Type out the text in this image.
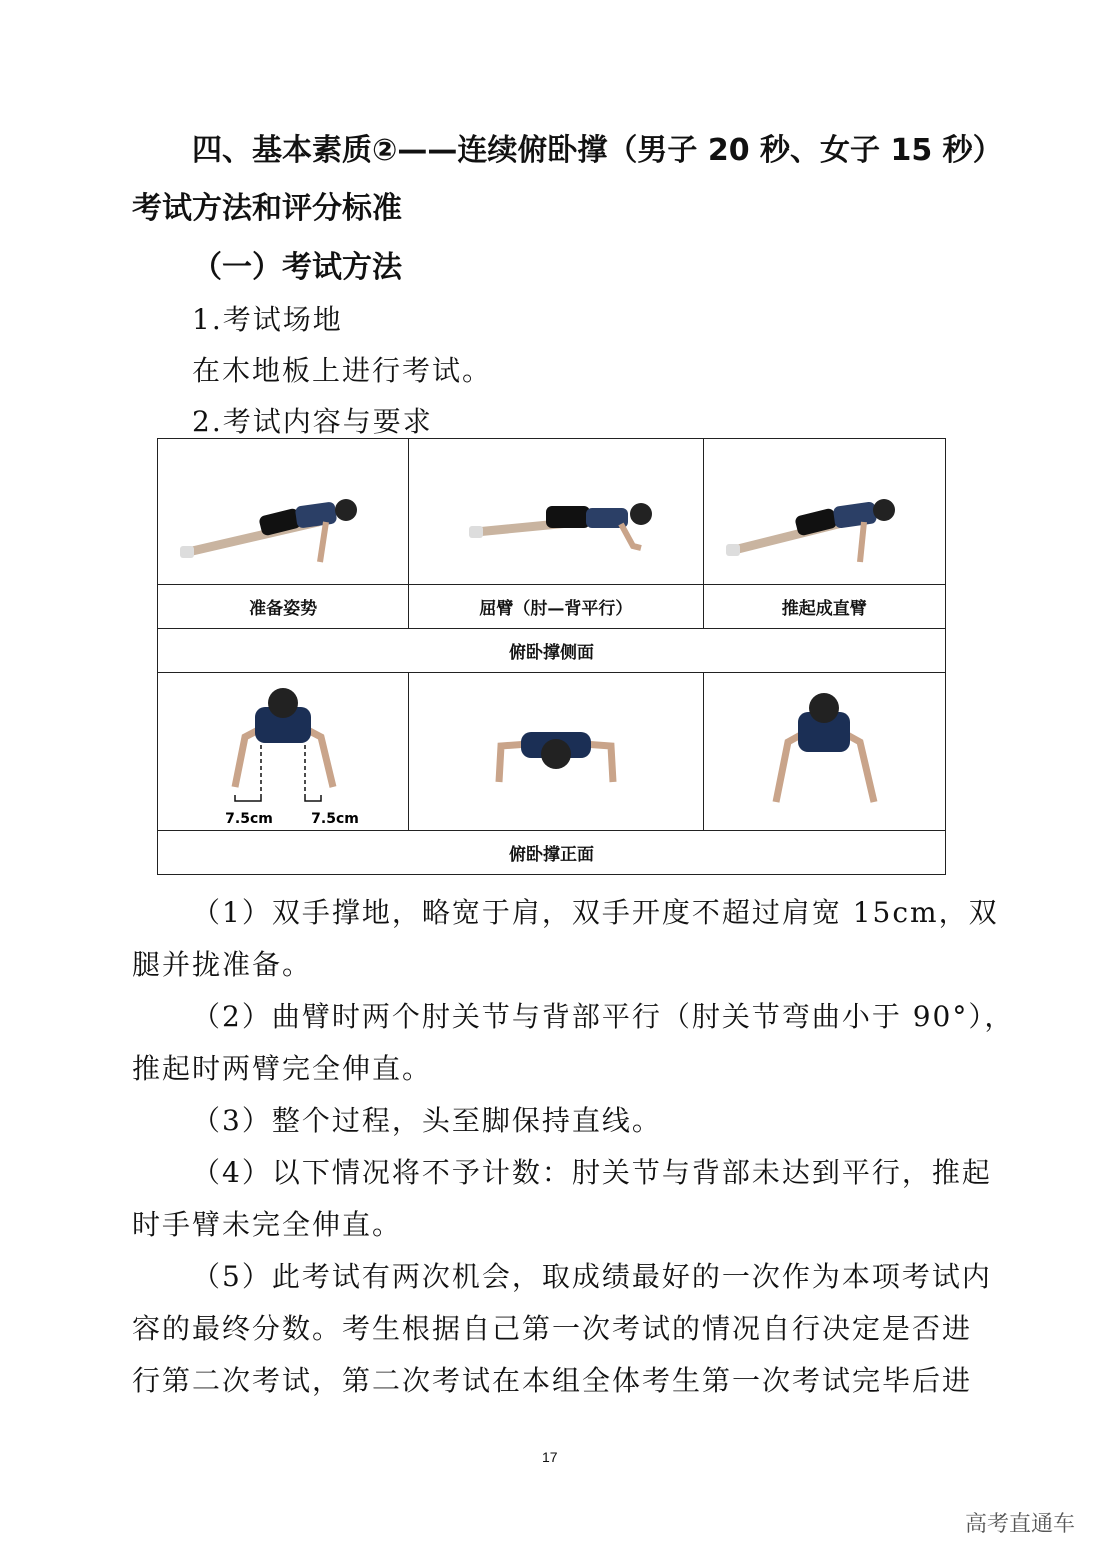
四、基本素质②——连续俯卧撑（男子 20 秒、女子 15 秒）
考试方法和评分标准
（一）考试方法
1.考试场地
在木地板上进行考试。
2.考试内容与要求

准备姿势	屈臂（肘—背平行）	推起成直臂
俯卧撑侧面		

7.5cm 7.5cm

俯卧撑正面		
（1）双手撑地，略宽于肩，双手开度不超过肩宽 15cm，双
腿并拢准备。
（2）曲臂时两个肘关节与背部平行（肘关节弯曲小于 90°），
推起时两臂完全伸直。
（3）整个过程，头至脚保持直线。
（4）以下情况将不予计数：肘关节与背部未达到平行，推起
时手臂未完全伸直。
（5）此考试有两次机会，取成绩最好的一次作为本项考试内
容的最终分数。考生根据自己第一次考试的情况自行决定是否进
行第二次考试，第二次考试在本组全体考生第一次考试完毕后进
17
高考直通车
